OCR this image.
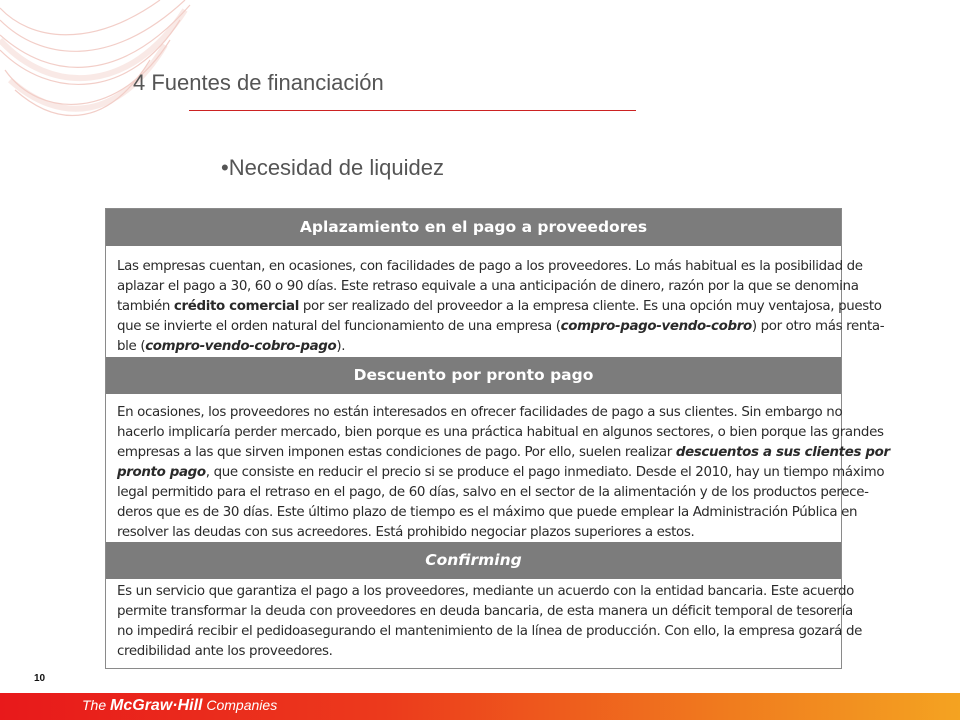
4 Fuentes de financiación
•Necesidad de liquidez
Aplazamiento en el pago a proveedores
Las empresas cuentan, en ocasiones, con facilidades de pago a los proveedores. Lo más habitual es la posibilidad de
aplazar el pago a 30, 60 o 90 días. Este retraso equivale a una anticipación de dinero, razón por la que se denomina
también crédito comercial por ser realizado del proveedor a la empresa cliente. Es una opción muy ventajosa, puesto
que se invierte el orden natural del funcionamiento de una empresa (compro-pago-vendo-cobro) por otro más renta-
ble (compro-vendo-cobro-pago).
Descuento por pronto pago
En ocasiones, los proveedores no están interesados en ofrecer facilidades de pago a sus clientes. Sin embargo no
hacerlo implicaría perder mercado, bien porque es una práctica habitual en algunos sectores, o bien porque las grandes
empresas a las que sirven imponen estas condiciones de pago. Por ello, suelen realizar descuentos a sus clientes por
pronto pago, que consiste en reducir el precio si se produce el pago inmediato. Desde el 2010, hay un tiempo máximo
legal permitido para el retraso en el pago, de 60 días, salvo en el sector de la alimentación y de los productos perece-
deros que es de 30 días. Este último plazo de tiempo es el máximo que puede emplear la Administración Pública en
resolver las deudas con sus acreedores. Está prohibido negociar plazos superiores a estos.
Confirming
Es un servicio que garantiza el pago a los proveedores, mediante un acuerdo con la entidad bancaria. Este acuerdo
permite transformar la deuda con proveedores en deuda bancaria, de esta manera un déficit temporal de tesorería
no impedirá recibir el pedidoasegurando el mantenimiento de la línea de producción. Con ello, la empresa gozará de
credibilidad ante los proveedores.
10
The McGraw·Hill Companies
